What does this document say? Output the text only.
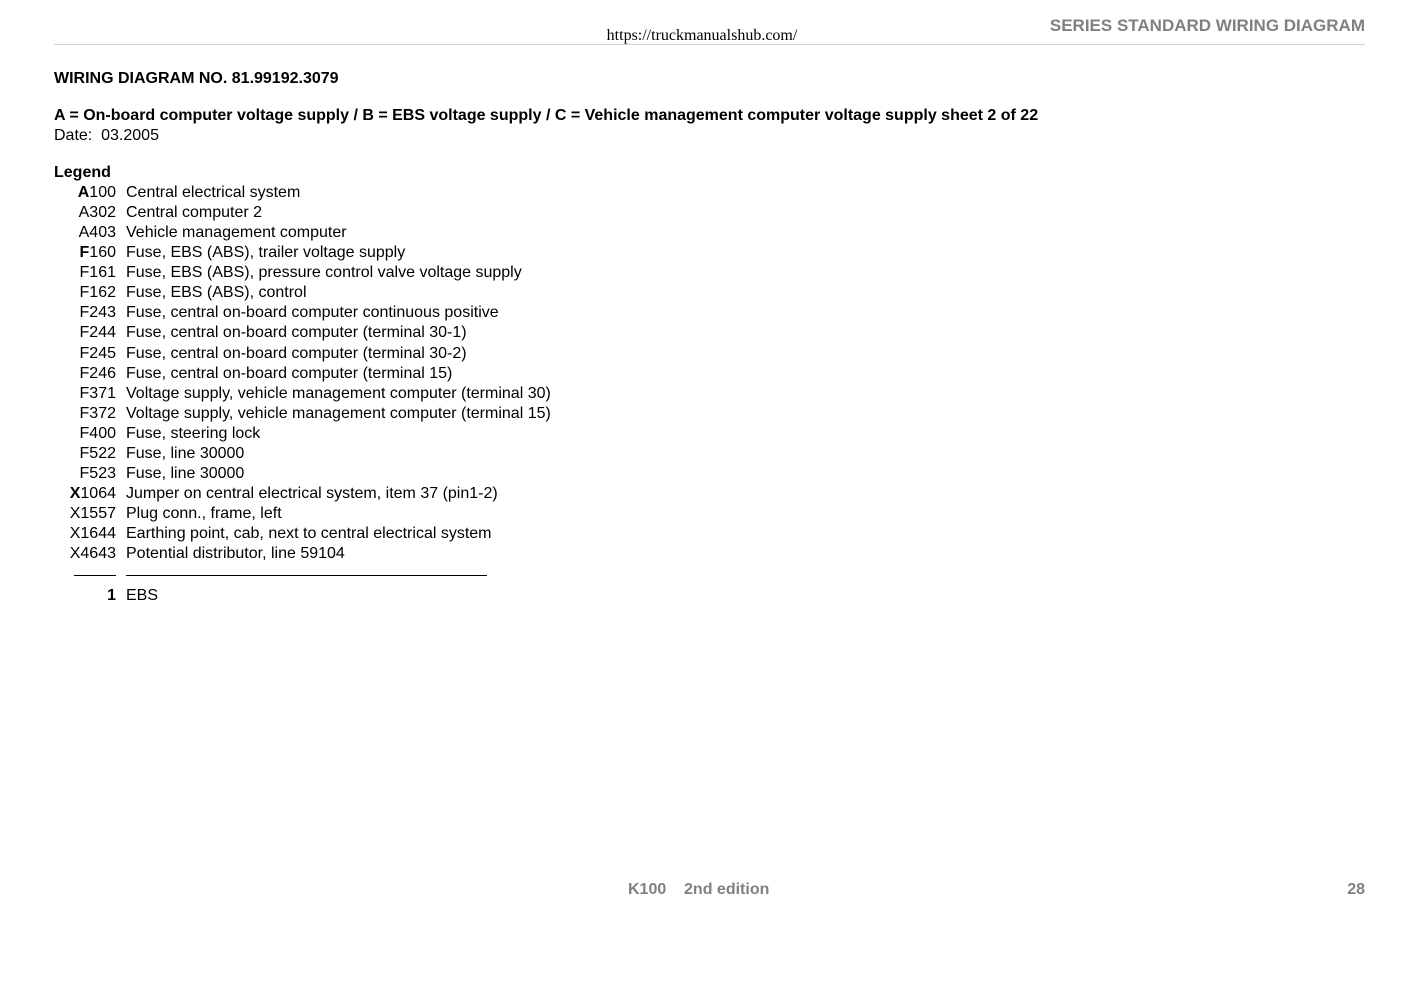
SERIES STANDARD WIRING DIAGRAM
https://truckmanualshub.com/
WIRING DIAGRAM NO. 81.99192.3079
A = On-board computer voltage supply / B = EBS voltage supply / C = Vehicle management computer voltage supply sheet 2 of 22
Date:  03.2005
Legend
A100 Central electrical system
A302 Central computer 2
A403 Vehicle management computer
F160 Fuse, EBS (ABS), trailer voltage supply
F161 Fuse, EBS (ABS), pressure control valve voltage supply
F162 Fuse, EBS (ABS), control
F243 Fuse, central on-board computer continuous positive
F244 Fuse, central on-board computer (terminal 30-1)
F245 Fuse, central on-board computer (terminal 30-2)
F246 Fuse, central on-board computer (terminal 15)
F371 Voltage supply, vehicle management computer (terminal 30)
F372 Voltage supply, vehicle management computer (terminal 15)
F400 Fuse, steering lock
F522 Fuse, line 30000
F523 Fuse, line 30000
X1064 Jumper on central electrical system, item 37 (pin1-2)
X1557 Plug conn., frame, left
X1644 Earthing point, cab, next to central electrical system
X4643 Potential distributor, line 59104
1 EBS
K100    2nd edition	28
